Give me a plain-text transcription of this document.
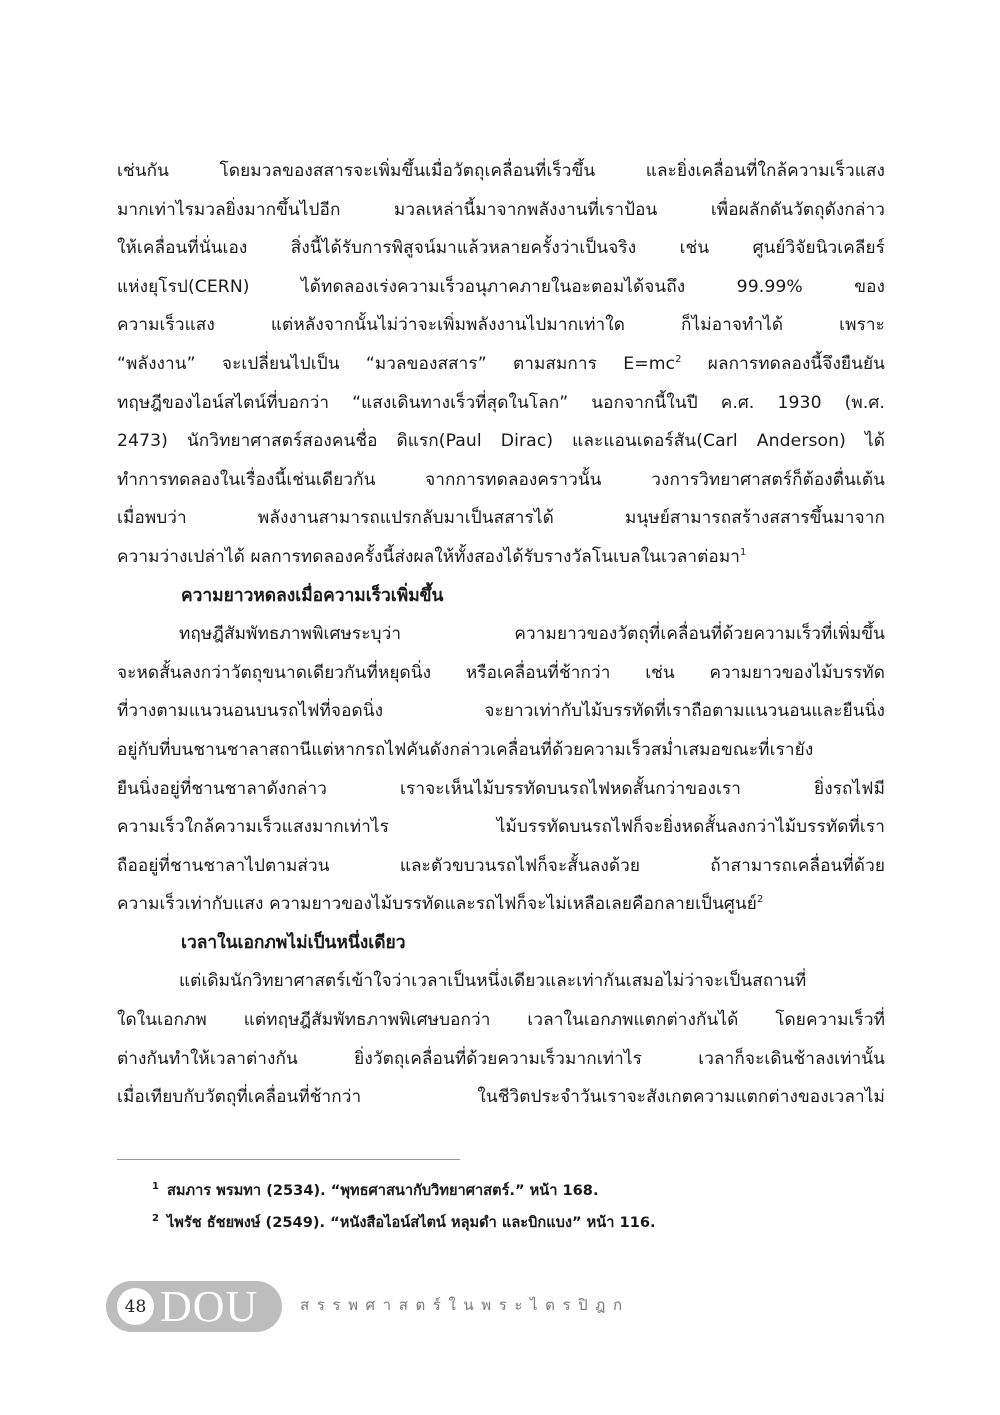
เช่นกัน โดยมวลของสสารจะเพิ่มขึ้นเมื่อวัตถุเคลื่อนที่เร็วขึ้น และยิ่งเคลื่อนที่ใกล้ความเร็วแสง
มากเท่าไรมวลยิ่งมากขึ้นไปอีก มวลเหล่านี้มาจากพลังงานที่เราป้อน เพื่อผลักดันวัตถุดังกล่าว
ให้เคลื่อนที่นั่นเอง สิ่งนี้ได้รับการพิสูจน์มาแล้วหลายครั้งว่าเป็นจริง เช่น ศูนย์วิจัยนิวเคลียร์
แห่งยุโรป(CERN) ได้ทดลองเร่งความเร็วอนุภาคภายในอะตอมได้จนถึง 99.99% ของ
ความเร็วแสง แต่หลังจากนั้นไม่ว่าจะเพิ่มพลังงานไปมากเท่าใด ก็ไม่อาจทำได้ เพราะ
“พลังงาน” จะเปลี่ยนไปเป็น “มวลของสสาร” ตามสมการ $E=mc^2$ ผลการทดลองนี้จึงยืนยัน
ทฤษฎีของไอน์สไตน์ที่บอกว่า “แสงเดินทางเร็วที่สุดในโลก” นอกจากนี้ในปี ค.ศ. 1930 (พ.ศ.
2473) นักวิทยาศาสตร์สองคนชื่อ ดิแรก(Paul Dirac) และแอนเดอร์สัน(Carl Anderson) ได้
ทำการทดลองในเรื่องนี้เช่นเดียวกัน จากการทดลองคราวนั้น วงการวิทยาศาสตร์ก็ต้องตื่นเต้น
เมื่อพบว่า พลังงานสามารถแปรกลับมาเป็นสสารได้ มนุษย์สามารถสร้างสสารขึ้นมาจาก
ความว่างเปล่าได้ ผลการทดลองครั้งนี้ส่งผลให้ทั้งสองได้รับรางวัลโนเบลในเวลาต่อมา$^1$

ความยาวหดลงเมื่อความเร็วเพิ่มขึ้น

ทฤษฎีสัมพัทธภาพพิเศษระบุว่า ความยาวของวัตถุที่เคลื่อนที่ด้วยความเร็วที่เพิ่มขึ้น
จะหดสั้นลงกว่าวัตถุขนาดเดียวกันที่หยุดนิ่ง หรือเคลื่อนที่ช้ากว่า เช่น ความยาวของไม้บรรทัด
ที่วางตามแนวนอนบนรถไฟที่จอดนิ่ง จะยาวเท่ากับไม้บรรทัดที่เราถือตามแนวนอนและยืนนิ่ง
อยู่กับที่บนชานชาลาสถานีแต่หากรถไฟคันดังกล่าวเคลื่อนที่ด้วยความเร็วสม่ำเสมอขณะที่เรายัง
ยืนนิ่งอยู่ที่ชานชาลาดังกล่าว เราจะเห็นไม้บรรทัดบนรถไฟหดสั้นกว่าของเรา ยิ่งรถไฟมี
ความเร็วใกล้ความเร็วแสงมากเท่าไร ไม้บรรทัดบนรถไฟก็จะยิ่งหดสั้นลงกว่าไม้บรรทัดที่เรา
ถืออยู่ที่ชานชาลาไปตามส่วน และตัวขบวนรถไฟก็จะสั้นลงด้วย ถ้าสามารถเคลื่อนที่ด้วย
ความเร็วเท่ากับแสง ความยาวของไม้บรรทัดและรถไฟก็จะไม่เหลือเลยคือกลายเป็นศูนย์$^2$

เวลาในเอกภพไม่เป็นหนึ่งเดียว

แต่เดิมนักวิทยาศาสตร์เข้าใจว่าเวลาเป็นหนึ่งเดียวและเท่ากันเสมอไม่ว่าจะเป็นสถานที่
ใดในเอกภพ แต่ทฤษฎีสัมพัทธภาพพิเศษบอกว่า เวลาในเอกภพแตกต่างกันได้ โดยความเร็วที่
ต่างกันทำให้เวลาต่างกัน ยิ่งวัตถุเคลื่อนที่ด้วยความเร็วมากเท่าไร เวลาก็จะเดินช้าลงเท่านั้น
เมื่อเทียบกับวัตถุที่เคลื่อนที่ช้ากว่า ในชีวิตประจำวันเราจะสังเกตความแตกต่างของเวลาไม่

$^1$ สมภาร พรมทา (2534). “พุทธศาสนากับวิทยาศาสตร์.” หน้า 168.

$^2$ ไพรัช ธัชยพงษ์ (2549). “หนังสือไอน์สไตน์ หลุมดำ และบิกแบง” หน้า 116.

48 DOU	สรรพศาสตร์ในพระไตรปิฎก
